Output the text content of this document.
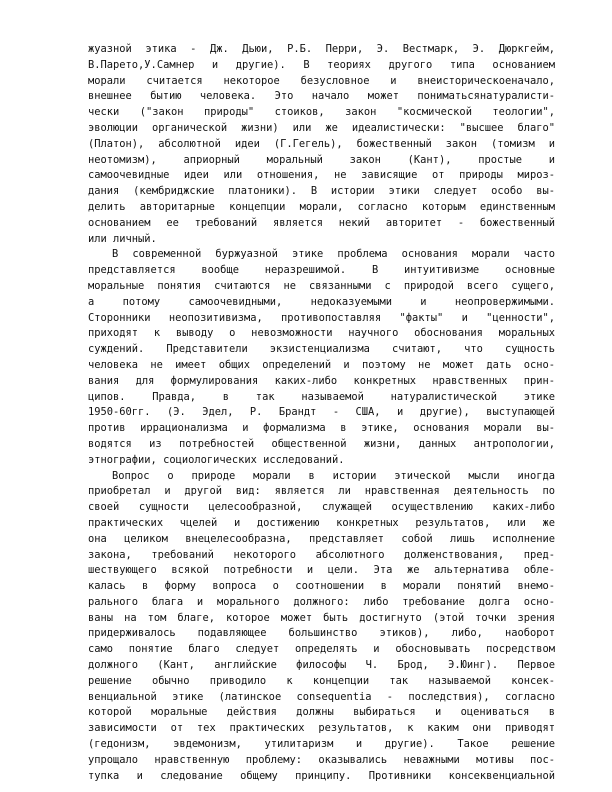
жуазной этика - Дж. Дьюи, Р.Б. Перри, Э. Вестмарк, Э. Дюркгейм,
В.Парето,У.Самнер и другие). В теориях другого типа основанием
морали считается некоторое безусловное и внеисторическоеначало,
внешнее бытию человека. Это начало может пониматьсянатуралисти-
чески ("закон природы" стоиков, закон "космической теологии",
эволюции органической жизни) или же идеалистически: "высшее благо"
(Платон), абсолютной идеи (Г.Гегель), божественный закон (томизм и
неотомизм), априорный моральный закон (Кант), простые и
самоочевидные идеи или отношения, не зависящие от природы мироз-
дания (кембриджские платоники). В истории этики следует особо вы-
делить авторитарные концепции морали, согласно которым единственным
основанием ее требований является некий авторитет - божественный
или личный.
В современной буржуазной этике проблема основания морали часто
представляется вообще неразрешимой. В интуитивизме основные
моральные понятия считаются не связанными с природой всего сущего,
а потому самоочевидными, недоказуемыми и неопровержимыми.
Сторонники неопозитивизма, противопоставляя "факты" и "ценности",
приходят к выводу о невозможности научного обоснования моральных
суждений. Представители экзистенциализма считают, что сущность
человека не имеет общих определений и поэтому не может дать осно-
вания для формулирования каких-либо конкретных нравственных прин-
ципов. Правда, в так называемой натуралистической этике
1950-60гг. (Э. Эдел, Р. Брандт - США, и другие), выступающей
против иррационализма и формализма в этике, основания морали вы-
водятся из потребностей общественной жизни, данных антропологии,
этнографии, социологических исследований.
Вопрос о природе морали в истории этической мысли иногда
приобретал и другой вид: является ли нравственная деятельность по
своей сущности целесообразной, служащей осуществлению каких-либо
практических чцелей и достижению конкретных результатов, или же
она целиком внецелесообразна, представляет собой лишь исполнение
закона, требований некоторого абсолютного долженствования, пред-
шествующего всякой потребности и цели. Эта же альтернатива обле-
калась в форму вопроса о соотношении в морали понятий внемо-
рального блага и морального должного: либо требование долга осно-
ваны на том благе, которое может быть достигнуто (этой точки зрения
придерживалось подавляющее большинство этиков), либо, наоборот
само понятие благо следует определять и обосновывать посредством
должного (Кант, английские философы Ч. Брод, Э.Юинг). Первое
решение обычно приводило к концепции так называемой консек-
венциальной этике (латинское consequentia - последствия), согласно
которой моральные действия должны выбираться и оцениваться в
зависимости от тех практических результатов, к каким они приводят
(гедонизм, эвдемонизм, утилитаризм и другие). Такое решение
упрощало нравственную проблему: оказывались неважными мотивы пос-
тупка и следование общему принципу. Противники консеквенциальной
